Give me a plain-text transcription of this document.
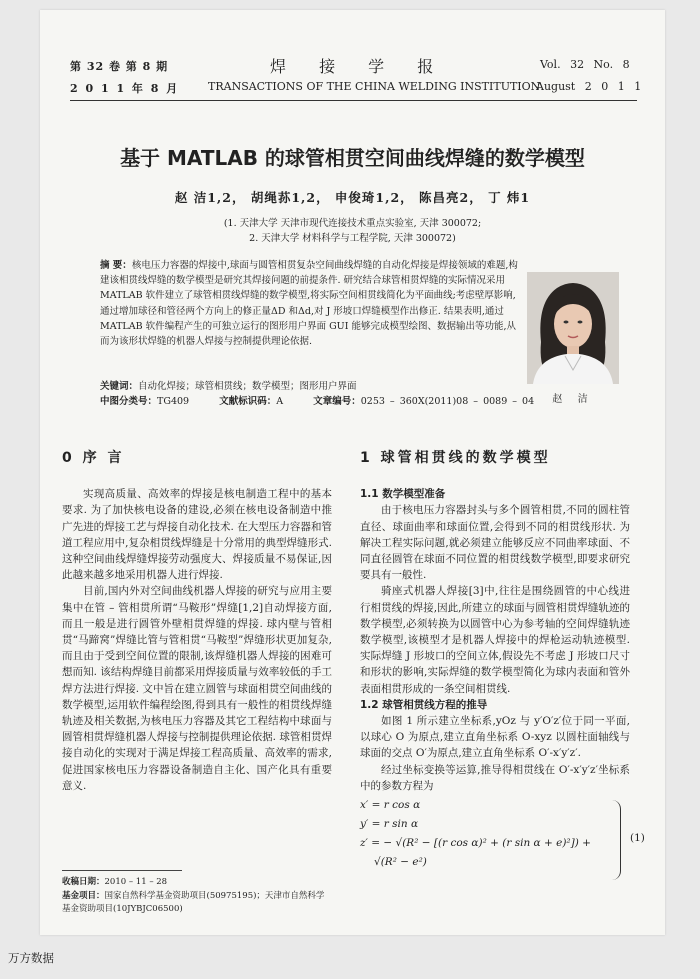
第 32 卷 第 8 期
2 0 1 1 年 8 月
焊 接 学 报
TRANSACTIONS OF THE CHINA WELDING INSTITUTION
Vol. 32 No. 8
August 2 0 1 1
基于 MATLAB 的球管相贯空间曲线焊缝的数学模型
赵 洁1,2， 胡绳荪1,2， 申俊琦1,2， 陈昌亮2， 丁 炜1
(1. 天津大学 天津市现代连接技术重点实验室, 天津 300072;
2. 天津大学 材料科学与工程学院, 天津 300072)
摘 要：核电压力容器的焊接中,球面与圆管相贯复杂空间曲线焊缝的自动化焊接是焊接领域的难题,构建该相贯线焊缝的数学模型是研究其焊接问题的前提条件. 研究结合球管相贯焊缝的实际情况采用 MATLAB 软件建立了球管相贯线焊缝的数学模型,将实际空间相贯线简化为平面曲线;考虑壁厚影响,通过增加球径和管径两个方向上的修正量ΔD 和Δd,对 J 形坡口焊缝模型作出修正. 结果表明,通过 MATLAB 软件编程产生的可独立运行的图形用户界面 GUI 能够完成模型绘图、数据输出等功能,从而为该形状焊缝的机器人焊接与控制提供理论依据.
关键词：自动化焊接；球管相贯线；数学模型；图形用户界面
中图分类号：TG409	文献标识码：A	文章编号：0253 – 360X(2011)08 – 0089 – 04	赵 洁
0 序 言

实现高质量、高效率的焊接是核电制造工程中的基本要求. 为了加快核电设备的建设,必须在核电设备制造中推广先进的焊接工艺与焊接自动化技术. 在大型压力容器和管道工程应用中,复杂相贯线焊缝是十分常用的典型焊缝形式. 这种空间曲线焊缝焊接劳动强度大、焊接质量不易保证,因此越来越多地采用机器人进行焊接.

目前,国内外对空间曲线机器人焊接的研究与应用主要集中在管 – 管相贯所谓“马鞍形”焊缝[1,2]自动焊接方面,而且一般是进行圆管外壁相贯焊缝的焊接. 球内壁与管相贯“马蹄窝”焊缝比管与管相贯“马鞍型”焊缝形状更加复杂,而且由于受到空间位置的限制,该焊缝机器人焊接的困难可想而知. 该结构焊缝目前都采用焊接质量与效率较低的手工焊方法进行焊接. 文中旨在建立圆管与球面相贯空间曲线的数学模型,运用软件编程绘图,得到具有一般性的相贯线焊缝轨迹及相关数据,为核电压力容器及其它工程结构中球面与圆管相贯焊缝机器人焊接与控制提供理论依据. 球管相贯焊接自动化的实现对于满足焊接工程高质量、高效率的需求,促进国家核电压力容器设备制造自主化、国产化具有重要意义.

收稿日期：2010 – 11 – 28
基金项目：国家自然科学基金资助项目(50975195)；天津市自然科学基金资助项目(10JYBJC06500)
1 球管相贯线的数学模型

1.1 数学模型准备

由于核电压力容器封头与多个圆管相贯,不同的圆柱管直径、球面曲率和球面位置,会得到不同的相贯线形状. 为解决工程实际问题,就必须建立能够反应不同曲率球面、不同直径圆管在球面不同位置的相贯线数学模型,即要求研究要具有一般性.

骑座式机器人焊接[3]中,往往是围绕圆管的中心线进行相贯线的焊接,因此,所建立的球面与圆管相贯焊缝轨迹的数学模型,必须转换为以圆管中心为参考轴的空间焊缝轨迹数学模型,该模型才是机器人焊接中的焊枪运动轨迹模型. 实际焊缝 J 形坡口的空间立体,假设先不考虑 J 形坡口尺寸和形状的影响,实际焊缝的数学模型简化为球内表面和管外表面相贯形成的一条空间相贯线.

1.2 球管相贯线方程的推导

如图 1 所示建立坐标系,yOz 与 y′O′z′位于同一平面,以球心 O 为原点,建立直角坐标系 O-xyz 以圆柱面轴线与球面的交点 O′为原点,建立直角坐标系 O′-x′y′z′.

经过坐标变换等运算,推导得相贯线在 O′-x′y′z′坐标系中的参数方程为

x′ = r cos α
y′ = r sin α
z′ = − √(R² − [(r cos α)² + (r sin α + e)²]) +
√(R² − e²)
(1)
万方数据
